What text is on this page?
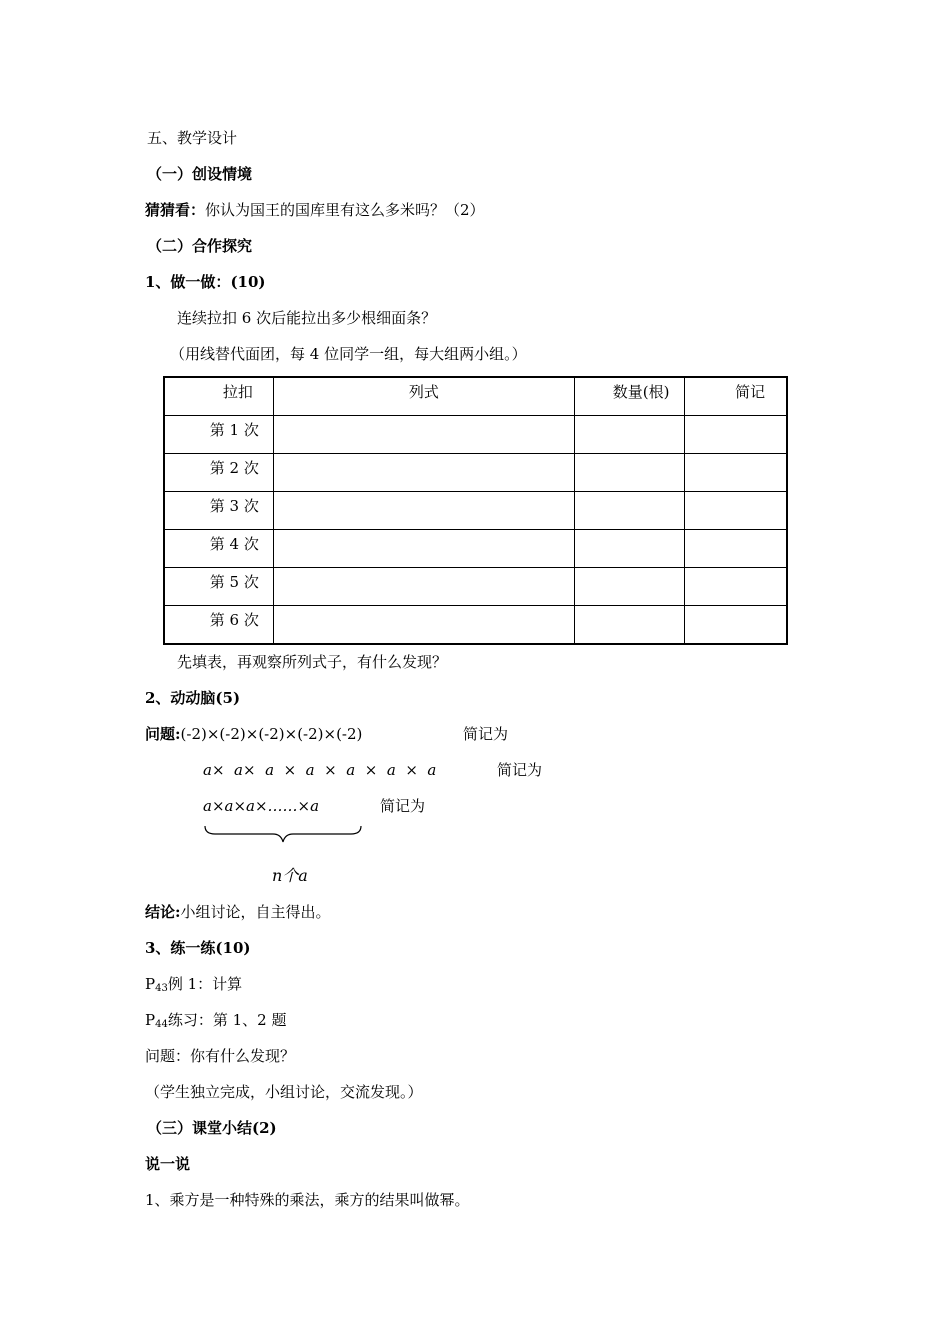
五、教学设计
（一）创设情境
猜猜看：你认为国王的国库里有这么多米吗？（2）
（二）合作探究
1、做一做：(10)
连续拉扣 6 次后能拉出多少根细面条？
（用线替代面团，每 4 位同学一组，每大组两小组。）
拉扣	列式	数量(根)	简记
第 1 次			
第 2 次			
第 3 次			
第 4 次			
第 5 次			
第 6 次			
先填表，再观察所列式子，有什么发现？
2、动动脑(5)
问题:(-2)×(-2)×(-2)×(-2)×(-2)	简记为
a×  a×  a  ×  a  ×  a  ×  a  ×  a	简记为
a×a×a×……×a	简记为
n个a
结论:小组讨论，自主得出。
3、练一练(10)
$P_{43}$例 1：计算
$P_{44}$练习：第 1、2 题
问题：你有什么发现？
（学生独立完成，小组讨论，交流发现。）
（三）课堂小结(2)
说一说
1、乘方是一种特殊的乘法，乘方的结果叫做幂。
